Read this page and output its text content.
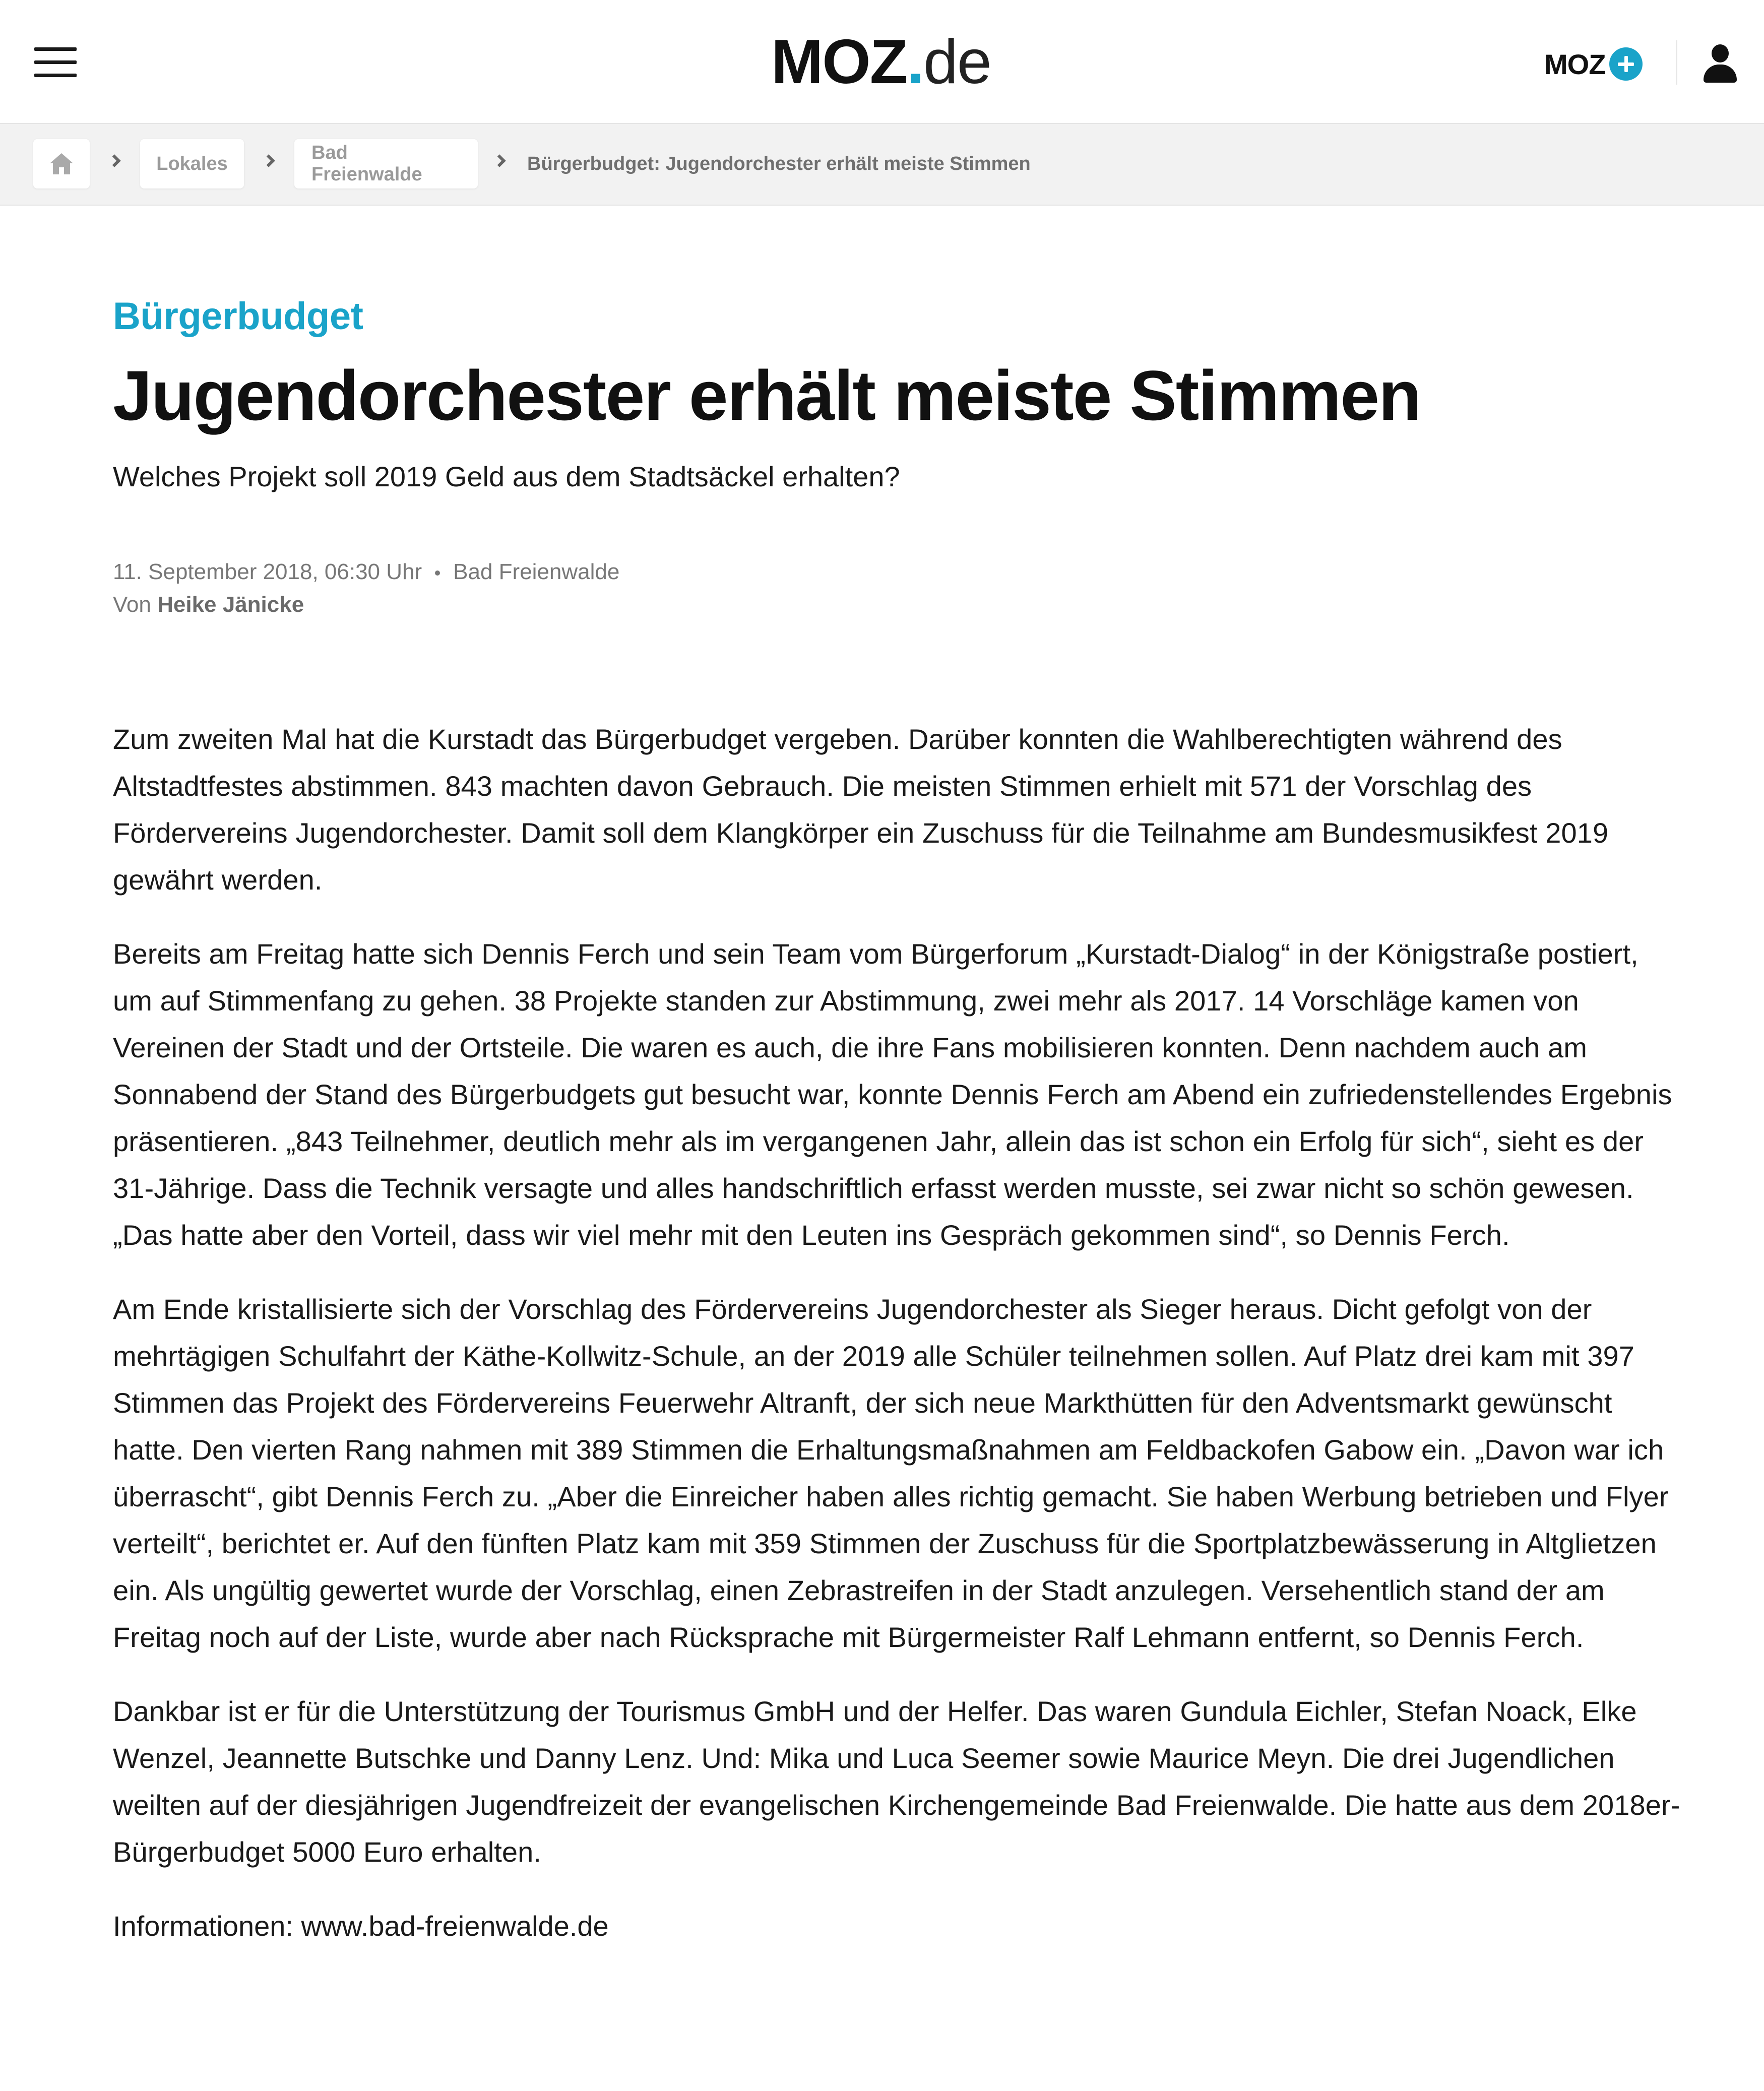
MOZ . de	MOZ
Lokales
Bad Freienwalde	Bürgerbudget: Jugendorchester erhält meiste Stimmen
Bürgerbudget
Jugendorchester erhält meiste Stimmen
Welches Projekt soll 2019 Geld aus dem Stadtsäckel erhalten?
11. September 2018, 06:30 Uhr Bad Freienwalde
Von Heike Jänicke

Zum zweiten Mal hat die Kurstadt das Bürgerbudget vergeben. Darüber konnten die Wahlberechtigten während des Altstadtfestes abstimmen. 843 machten davon Gebrauch. Die meisten Stimmen erhielt mit 571 der Vorschlag des Fördervereins Jugendorchester. Damit soll dem Klangkörper ein Zuschuss für die Teilnahme am Bundesmusikfest 2019 gewährt werden.

Bereits am Freitag hatte sich Dennis Ferch und sein Team vom Bürgerforum „Kurstadt-Dialog“ in der Königstraße postiert, um auf Stimmenfang zu gehen. 38 Projekte standen zur Abstimmung, zwei mehr als 2017. 14 Vorschläge kamen von Vereinen der Stadt und der Ortsteile. Die waren es auch, die ihre Fans mobilisieren konnten. Denn nachdem auch am Sonnabend der Stand des Bürgerbudgets gut besucht war, konnte Dennis Ferch am Abend ein zufriedenstellendes Ergebnis präsentieren. „843 Teilnehmer, deutlich mehr als im vergangenen Jahr, allein das ist schon ein Erfolg für sich“, sieht es der 31-Jährige. Dass die Technik versagte und alles handschriftlich erfasst werden musste, sei zwar nicht so schön gewesen. „Das hatte aber den Vorteil, dass wir viel mehr mit den Leuten ins Gespräch gekommen sind“, so Dennis Ferch.

Am Ende kristallisierte sich der Vorschlag des Fördervereins Jugendorchester als Sieger heraus. Dicht gefolgt von der mehrtägigen Schulfahrt der Käthe-Kollwitz-Schule, an der 2019 alle Schüler teilnehmen sollen. Auf Platz drei kam mit 397 Stimmen das Projekt des Fördervereins Feuerwehr Altranft, der sich neue Markthütten für den Adventsmarkt gewünscht hatte. Den vierten Rang nahmen mit 389 Stimmen die Erhaltungsmaßnahmen am Feldbackofen Gabow ein. „Davon war ich überrascht“, gibt Dennis Ferch zu. „Aber die Einreicher haben alles richtig gemacht. Sie haben Werbung betrieben und Flyer verteilt“, berichtet er. Auf den fünften Platz kam mit 359 Stimmen der Zuschuss für die Sportplatzbewässerung in Altglietzen ein. Als ungültig gewertet wurde der Vorschlag, einen Zebrastreifen in der Stadt anzulegen. Versehentlich stand der am Freitag noch auf der Liste, wurde aber nach Rücksprache mit Bürgermeister Ralf Lehmann entfernt, so Dennis Ferch.

Dankbar ist er für die Unterstützung der Tourismus GmbH und der Helfer. Das waren Gundula Eichler, Stefan Noack, Elke Wenzel, Jeannette Butschke und Danny Lenz. Und: Mika und Luca Seemer sowie Maurice Meyn. Die drei Jugendlichen weilten auf der diesjährigen Jugendfreizeit der evangelischen Kirchengemeinde Bad Freienwalde. Die hatte aus dem 2018er-Bürgerbudget 5000 Euro erhalten.

Informationen: www.bad-freienwalde.de
